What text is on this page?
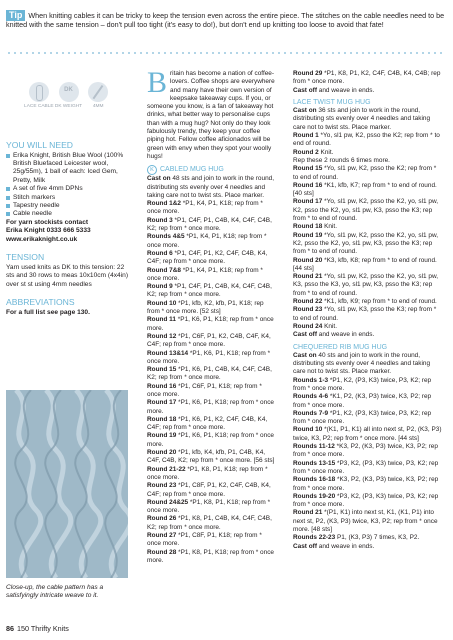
Tip When knitting cables it can be tricky to keep the tension even across the entire piece. The stitches on the cable needles need to be knitted with the same tension – don't pull too tight (it's easy to do!), but don't end up knitting too loose to avoid that fate!
LACE CABLE
DK DK WEIGHT	4MM

YOU WILL NEED

Erika Knight, British Blue Wool (100% British Bluefaced Leicester wool, 25g/55m), 1 ball of each: Iced Gem, Pretty, Milk
A set of five 4mm DPNs
Stitch markers
Tapestry needle
Cable needle

For yarn stockists contact

Erika Knight 0333 666 5333

www.erikaknight.co.uk

TENSION

Yarn used knits as DK to this tension: 22 sts and 30 rows to meas 10x10cm (4x4in) over st st using 4mm needles

ABBREVIATIONS

For a full list see page 130.

Close-up, the cable pattern has a satisfyingly intricate weave to it.
86 150 Thrifty Knits

Britain has become a nation of coffee-lovers. Coffee shops are everywhere and many have their own version of keepsake takeaway cups. If you, or someone you know, is a fan of takeaway hot drinks, what better way to personalise cups than with a mug hug? Not only do they look fabulously trendy, they keep your coffee piping hot. Fellow coffee aficionados will be green with envy when they spot your woolly hugs!

K CABLED MUG HUG

Cast on 48 sts and join to work in the round, distributing sts evenly over 4 needles and taking care not to twist sts. Place marker.

Round 1&2 *P1, K4, P1, K18; rep from * once more.

Round 3 *P1, C4F, P1, C4B, K4, C4F, C4B, K2; rep from * once more.

Rounds 4&5 *P1, K4, P1, K18; rep from * once more.

Round 6 *P1, C4F, P1, K2, C4F, C4B, K4, C4F; rep from * once more.

Round 7&8 *P1, K4, P1, K18; rep from * once more.

Round 9 *P1, C4F, P1, C4B, K4, C4F, C4B, K2; rep from * once more.

Round 10 *P1, kfb, K2, kfb, P1, K18; rep from * once more. [52 sts]

Round 11 *P1, K6, P1, K18; rep from * once more.

Round 12 *P1, C6F, P1, K2, C4B, C4F, K4, C4F; rep from * once more.

Round 13&14 *P1, K6, P1, K18; rep from * once more.

Round 15 *P1, K6, P1, C4B, K4, C4F, C4B, K2; rep from * once more.

Round 16 *P1, C6F, P1, K18; rep from * once more.

Round 17 *P1, K6, P1, K18; rep from * once more.

Round 18 *P1, K6, P1, K2, C4F, C4B, K4, C4F; rep from * once more.

Round 19 *P1, K6, P1, K18; rep from * once more.

Round 20 *P1, kfb, K4, kfb, P1, C4B, K4, C4F, C4B, K2; rep from * once more. [56 sts]

Round 21-22 *P1, K8, P1, K18; rep from * once more.

Round 23 *P1, C8F, P1, K2, C4F, C4B, K4, C4F; rep from * once more.

Round 24&25 *P1, K8, P1, K18; rep from * once more.

Round 26 *P1, K8, P1, C4B, K4, C4F, C4B, K2; rep from * once more.

Round 27 *P1, C8F, P1, K18; rep from * once more.

Round 28 *P1, K8, P1, K18; rep from * once more.

Round 29 *P1, K8, P1, K2, C4F, C4B, K4, C4B; rep from * once more.

Cast off and weave in ends.

LACE TWIST MUG HUG

Cast on 36 sts and join to work in the round, distributing sts evenly over 4 needles and taking care not to twist sts. Place marker.

Round 1 *Yo, sl1 pw, K2, psso the K2; rep from * to end of round.

Round 2 Knit.

Rep these 2 rounds 6 times more.

Round 15 *Yo, sl1 pw, K2, psso the K2; rep from * to end of round.

Round 16 *K1, kfb, K7; rep from * to end of round. [40 sts]

Round 17 *Yo, sl1 pw, K2, psso the K2, yo, sl1 pw, K2, psso the K2, yo, sl1 pw, K3, psso the K3; rep from * to end of round.

Round 18 Knit.

Round 19 *Yo, sl1 pw, K2, psso the K2, yo, sl1 pw, K2, psso the K2, yo, sl1 pw, K3, psso the K3; rep from * to end of round.

Round 20 *K3, kfb, K8; rep from * to end of round. [44 sts]

Round 21 *Yo, sl1 pw, K2, psso the K2, yo, sl1 pw, K3, psso the K3, yo, sl1 pw, K3, psso the K3; rep from * to end of round.

Round 22 *K1, kfb, K9; rep from * to end of round.

Round 23 *Yo, sl1 pw, K3, psso the K3; rep from * to end of round.

Round 24 Knit.

Cast off and weave in ends.

CHEQUERED RIB MUG HUG

Cast on 40 sts and join to work in the round, distributing sts evenly over 4 needles and taking care not to twist sts. Place marker.

Rounds 1-3 *P1, K2, (P3, K3) twice, P3, K2; rep from * once more.

Rounds 4-6 *K1, P2, (K3, P3) twice, K3, P2; rep from * once more.

Rounds 7-9 *P1, K2, (P3, K3) twice, P3, K2; rep from * once more.

Round 10 *(K1, P1, K1) all into next st, P2, (K3, P3) twice, K3, P2; rep from * once more. [44 sts]

Rounds 11-12 *K3, P2, (K3, P3) twice, K3, P2; rep from * once more.

Rounds 13-15 *P3, K2, (P3, K3) twice, P3, K2; rep from * once more.

Rounds 16-18 *K3, P2, (K3, P3) twice, K3, P2; rep from * once more.

Rounds 19-20 *P3, K2, (P3, K3) twice, P3, K2; rep from * once more.

Round 21 *(P1, K1) into next st, K1, (K1, P1) into next st, P2, (K3, P3) twice, K3, P2; rep from * once more. [48 sts]

Rounds 22-23 P1, (K3, P3) 7 times, K3, P2.

Cast off and weave in ends.
